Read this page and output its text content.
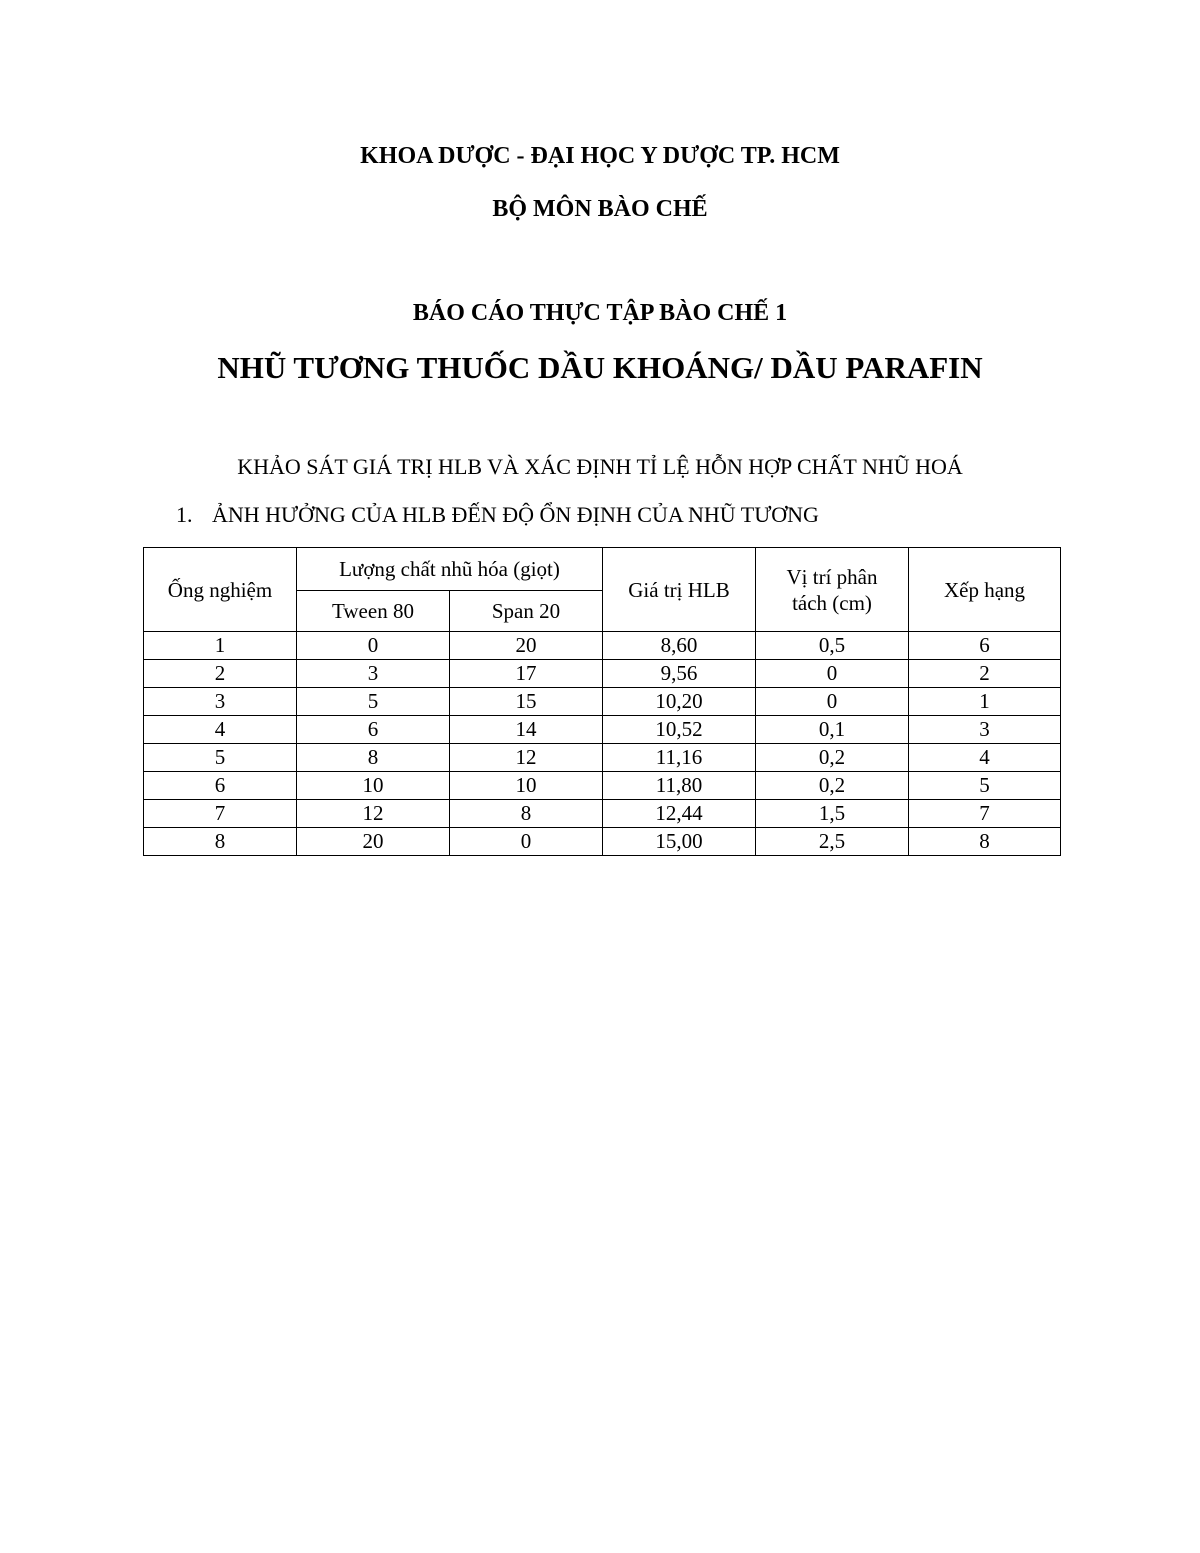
KHOA DƯỢC - ĐẠI HỌC Y DƯỢC TP. HCM
BỘ MÔN BÀO CHẾ
BÁO CÁO THỰC TẬP BÀO CHẾ 1
NHŨ TƯƠNG THUỐC DẦU KHOÁNG/ DẦU PARAFIN
KHẢO SÁT GIÁ TRỊ HLB VÀ XÁC ĐỊNH TỈ LỆ HỖN HỢP CHẤT NHŨ HOÁ
1. ẢNH HƯỞNG CỦA HLB ĐẾN ĐỘ ỔN ĐỊNH CỦA NHŨ TƯƠNG
Ống nghiệm	Lượng chất nhũ hóa (giọt)		Giá trị HLB	Vị trí phân tách (cm)	Xếp hạng
	Tween 80	Span 20			
1	0	20	8,60	0,5	6
2	3	17	9,56	0	2
3	5	15	10,20	0	1
4	6	14	10,52	0,1	3
5	8	12	11,16	0,2	4
6	10	10	11,80	0,2	5
7	12	8	12,44	1,5	7
8	20	0	15,00	2,5	8
